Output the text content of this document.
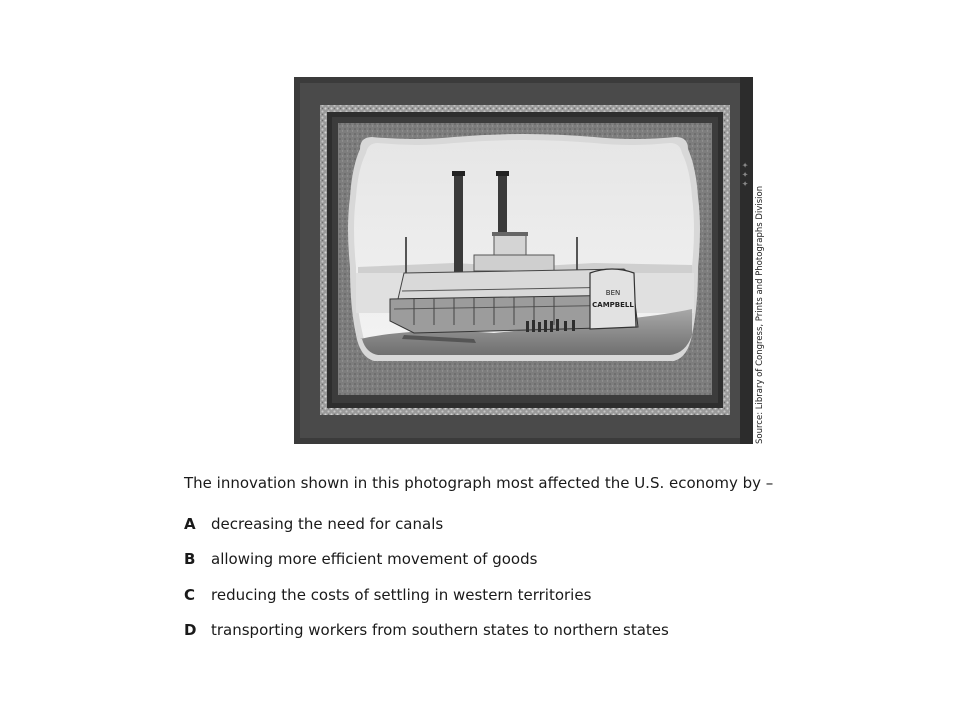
BEN
CAMPBELL
✦ ✦ ✦
Source: Library of Congress, Prints and Photographs Division
The innovation shown in this photograph most affected the U.S. economy by –
A decreasing the need for canals
B allowing more efficient movement of goods
C reducing the costs of settling in western territories
D transporting workers from southern states to northern states
